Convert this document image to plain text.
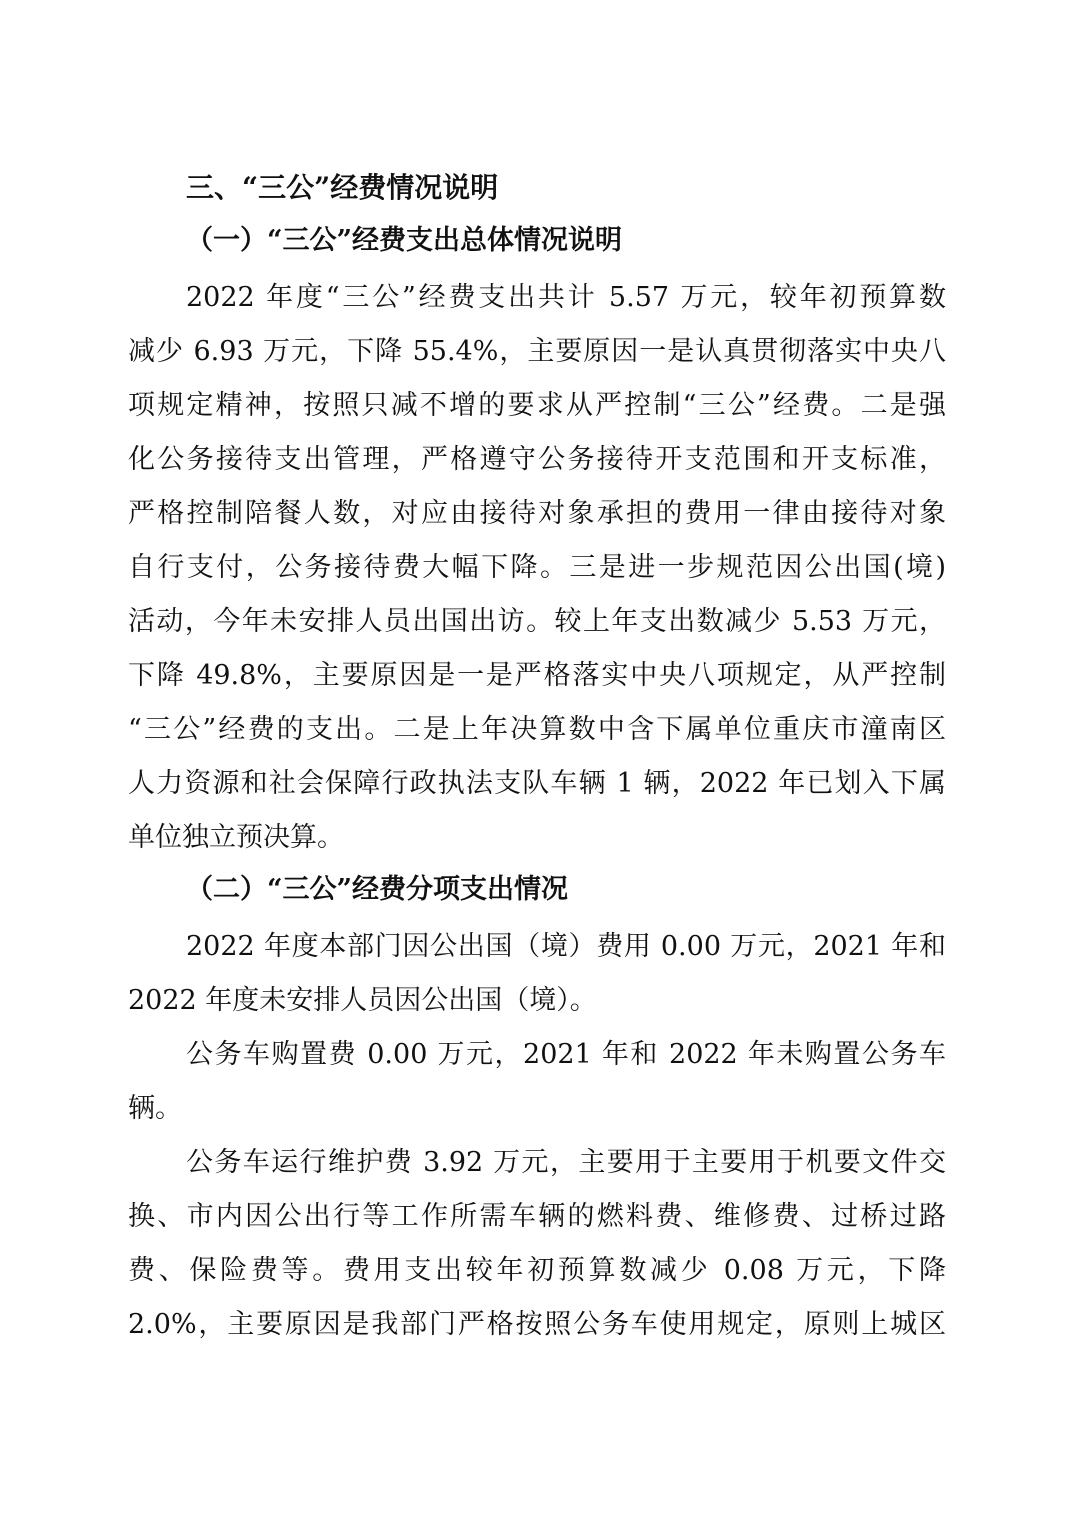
三、“三公”经费情况说明
（一）“三公”经费支出总体情况说明
2022 年度“三公”经费支出共计 5.57 万元，较年初预算数
减少 6.93 万元，下降 55.4%，主要原因一是认真贯彻落实中央八
项规定精神，按照只减不增的要求从严控制“三公”经费。二是强
化公务接待支出管理，严格遵守公务接待开支范围和开支标准，
严格控制陪餐人数，对应由接待对象承担的费用一律由接待对象
自行支付，公务接待费大幅下降。三是进一步规范因公出国(境)
活动，今年未安排人员出国出访。较上年支出数减少 5.53 万元，
下降 49.8%，主要原因是一是严格落实中央八项规定，从严控制
“三公”经费的支出。二是上年决算数中含下属单位重庆市潼南区
人力资源和社会保障行政执法支队车辆 1 辆，2022 年已划入下属
单位独立预决算。
（二）“三公”经费分项支出情况
2022 年度本部门因公出国（境）费用 0.00 万元，2021 年和
2022 年度未安排人员因公出国（境）。
公务车购置费 0.00 万元，2021 年和 2022 年未购置公务车
辆。
公务车运行维护费 3.92 万元，主要用于主要用于机要文件交
换、市内因公出行等工作所需车辆的燃料费、维修费、过桥过路
费、保险费等。费用支出较年初预算数减少 0.08 万元，下降
2.0%，主要原因是我部门严格按照公务车使用规定，原则上城区
